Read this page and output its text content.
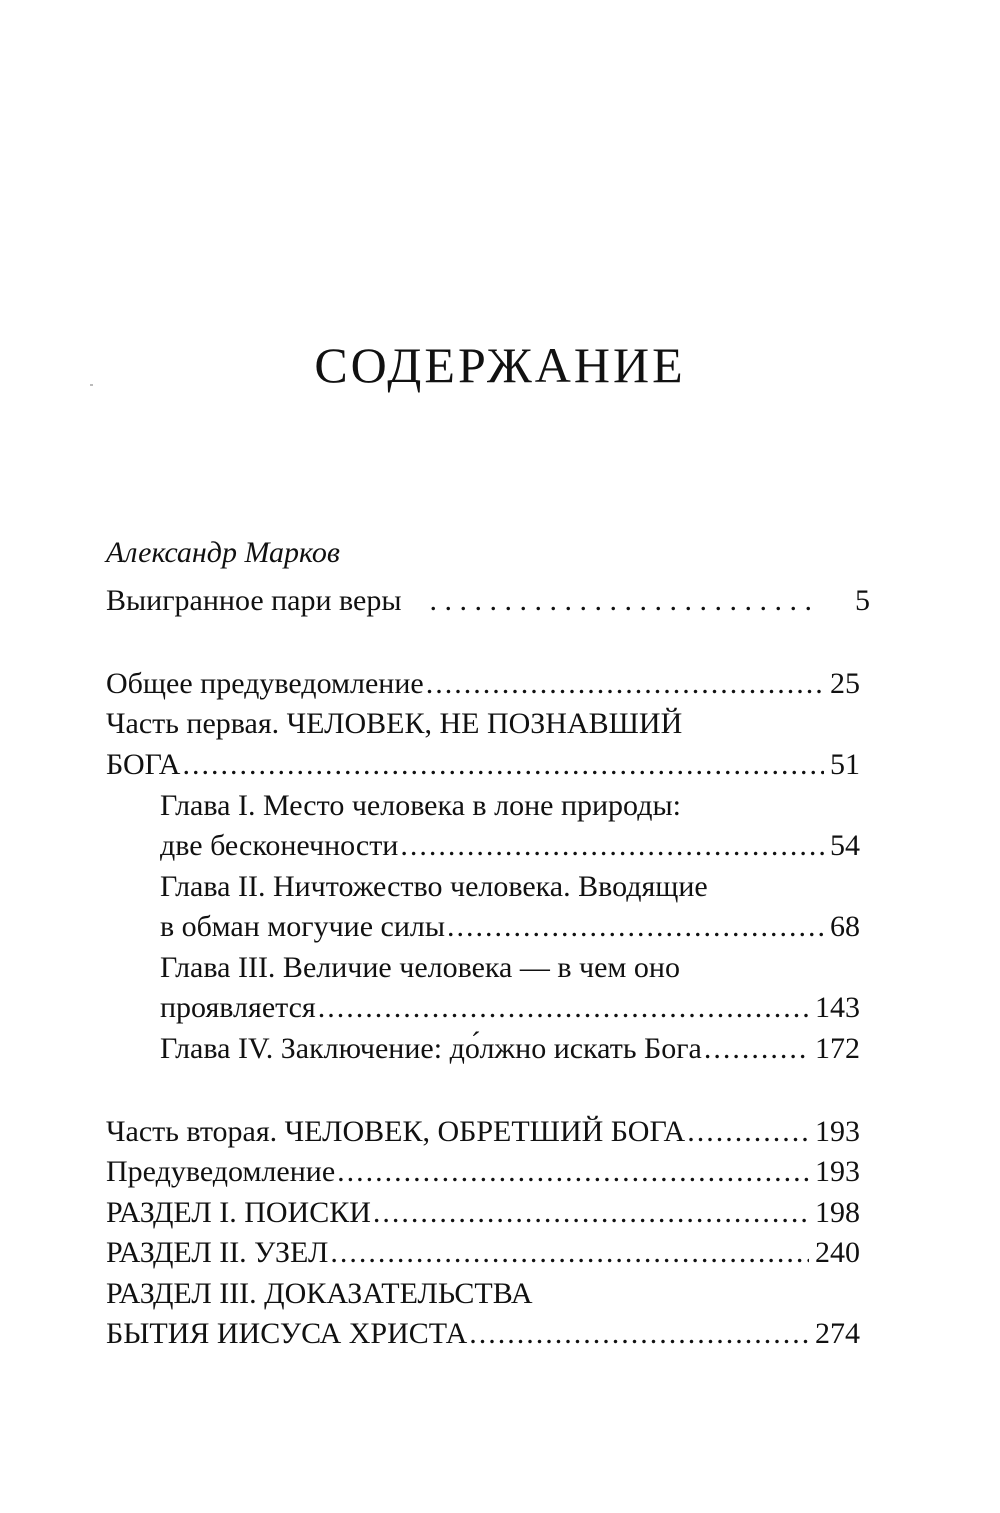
СОДЕРЖАНИЕ
Александр Марков
Выигранное пари веры . . .	5
Общее предуведомление .....	25
Часть первая. ЧЕЛОВЕК, НЕ ПОЗНАВШИЙ
БОГА .....	51
Глава I. Место человека в лоне природы:
две бесконечности .....	54
Глава II. Ничтожество человека. Вводящие
в обман могучие силы .....	68
Глава III. Величие человека — в чем оно
проявляется .....	143
Глава IV. Заключение: до́лжно искать Бога .....	172
Часть вторая. ЧЕЛОВЕК, ОБРЕТШИЙ БОГА .....	193
Предуведомление .....	193
РАЗДЕЛ I. ПОИСКИ .....	198
РАЗДЕЛ II. УЗЕЛ .....	240
РАЗДЕЛ III. ДОКАЗАТЕЛЬСТВА
БЫТИЯ ИИСУСА ХРИСТА .....	274
